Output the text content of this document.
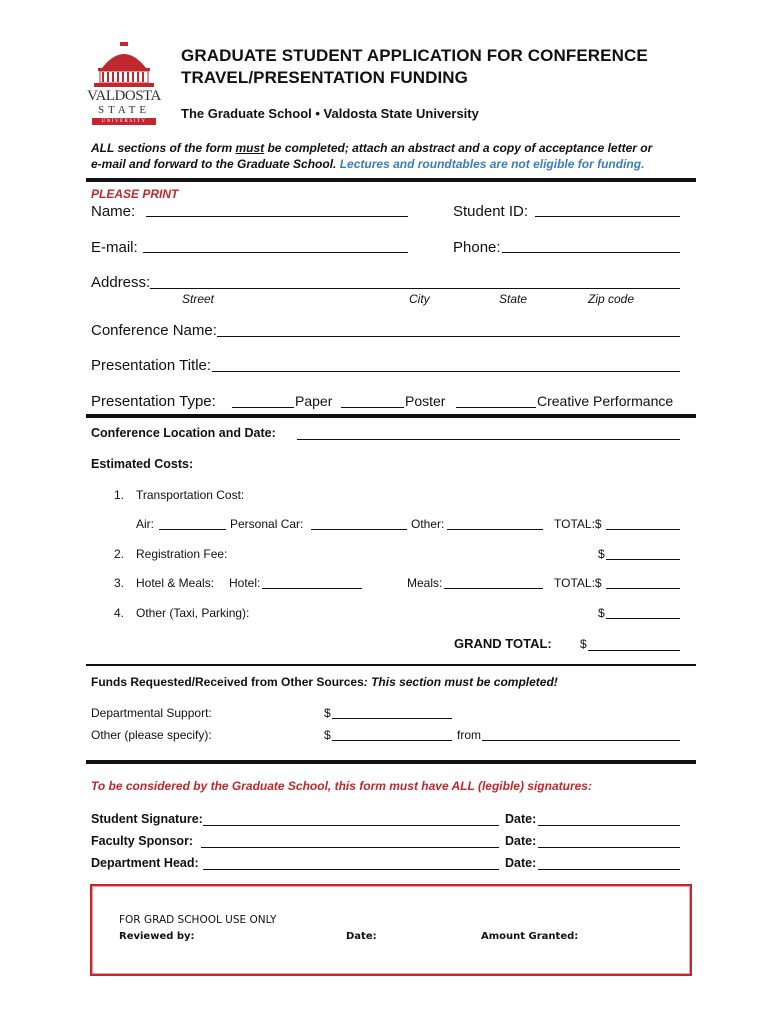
VALDOSTA
STATE
UNIVERSITY
GRADUATE STUDENT APPLICATION FOR CONFERENCE
TRAVEL/PRESENTATION FUNDING
The Graduate School • Valdosta State University
ALL sections of the form must be completed; attach an abstract and a copy of acceptance letter or
e-mail and forward to the Graduate School. Lectures and roundtables are not eligible for funding.
PLEASE PRINT
Name:	Student ID:
E-mail:	Phone:
Address:
Street	City	State	Zip code
Conference Name:
Presentation Title:
Presentation Type:	Paper	Poster	Creative Performance
Conference Location and Date:
Estimated Costs:
1. Transportation Cost:
Air:	Personal Car:	Other:	TOTAL:$
2. Registration Fee:	$
3. Hotel & Meals: Hotel:	Meals:	TOTAL:$
4. Other (Taxi, Parking):	$
GRAND TOTAL: $
Funds Requested/Received from Other Sources: This section must be completed!
Departmental Support:	$
Other (please specify):	$	from
To be considered by the Graduate School, this form must have ALL (legible) signatures:
Student Signature:	Date:
Faculty Sponsor:	Date:
Department Head:	Date:
FOR GRAD SCHOOL USE ONLY
Reviewed by:	Date:	Amount Granted:
